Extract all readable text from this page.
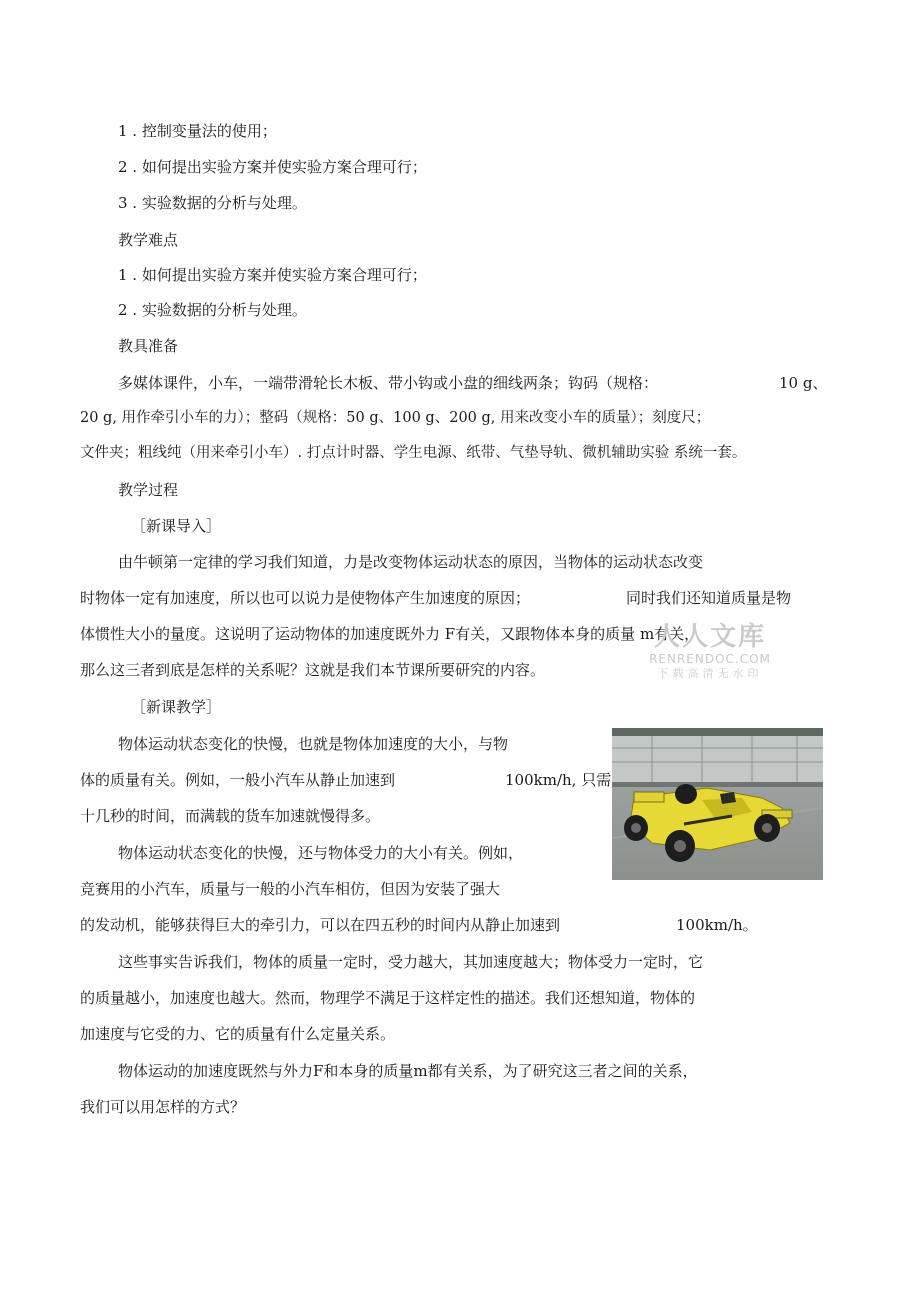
1 . 控制变量法的使用；
2 . 如何提出实验方案并使实验方案合理可行；
3 . 实验数据的分析与处理。
教学难点
1 . 如何提出实验方案并使实验方案合理可行；
2 . 实验数据的分析与处理。
教具准备
多媒体课件，小车，一端带滑轮长木板、带小钩或小盘的细线两条；钩码（规格：	10 g、
20 g, 用作牵引小车的力）；整码（规格：50 g、100 g、200 g, 用来改变小车的质量）；刻度尺；
文件夹；粗线纯（用来牵引小车）. 打点计时器、学生电源、纸带、气垫导轨、微机辅助实验 系统一套。
教学过程
［新课导入］
由牛顿第一定律的学习我们知道，力是改变物体运动状态的原因，当物体的运动状态改变
时物体一定有加速度，所以也可以说力是使物体产生加速度的原因；	同时我们还知道质量是物
体惯性大小的量度。这说明了运动物体的加速度既外力 F有关，又跟物体本身的质量 m有关，
那么这三者到底是怎样的关系呢？这就是我们本节课所要研究的内容。
人人文库
RENRENDOC.COM
下载高清无水印
［新课教学］
物体运动状态变化的快慢，也就是物体加速度的大小，与物
体的质量有关。例如，一般小汽车从静止加速到	100km/h, 只需
十几秒的时间，而满载的货车加速就慢得多。
物体运动状态变化的快慢，还与物体受力的大小有关。例如，
竞赛用的小汽车，质量与一般的小汽车相仿，但因为安装了强大
的发动机，能够获得巨大的牵引力，可以在四五秒的时间内从静止加速到	100km/h。
这些事实告诉我们，物体的质量一定时，受力越大，其加速度越大；物体受力一定时，它
的质量越小，加速度也越大。然而，物理学不满足于这样定性的描述。我们还想知道，物体的
加速度与它受的力、它的质量有什么定量关系。
物体运动的加速度既然与外力F和本身的质量m都有关系，为了研究这三者之间的关系，
我们可以用怎样的方式？
